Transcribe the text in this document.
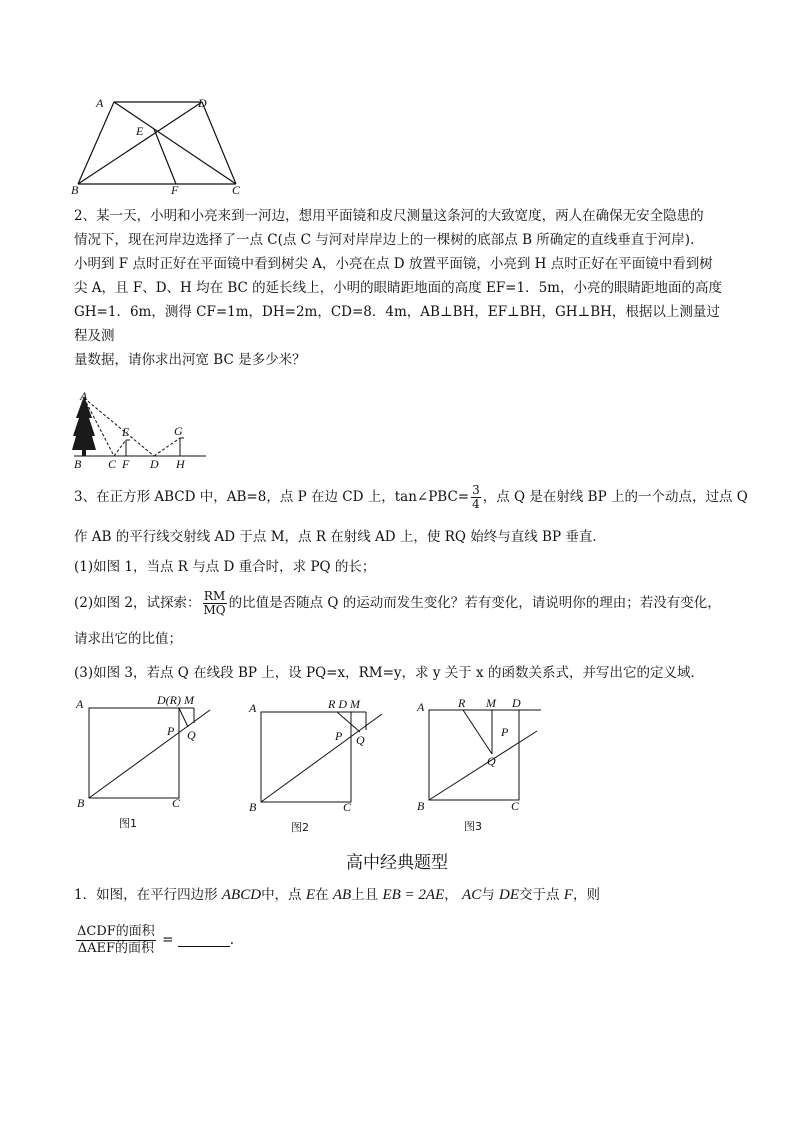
A	D
E
B	F	C
2、某一天，小明和小亮来到一河边，想用平面镜和皮尺测量这条河的大致宽度，两人在确保无安全隐患的
情况下，现在河岸边选择了一点 C(点 C 与河对岸岸边上的一棵树的底部点 B 所确定的直线垂直于河岸).
小明到 F 点时正好在平面镜中看到树尖 A，小亮在点 D 放置平面镜，小亮到 H 点时正好在平面镜中看到树
尖 A，且 F、D、H 均在 BC 的延长线上，小明的眼睛距地面的高度 EF=1．5m，小亮的眼睛距地面的高度
GH=1．6m，测得 CF=1m，DH=2m，CD=8．4m，AB⊥BH，EF⊥BH，GH⊥BH，根据以上测量过程及测
量数据，请你求出河宽 BC 是多少米？
A
E	G
B C F D H
3、在正方形 ABCD 中，AB=8，点 P 在边 CD 上，tan∠PBC= $\frac{3}{4}$ ，点 Q 是在射线 BP 上的一个动点，过点 Q
作 AB 的平行线交射线 AD 于点 M，点 R 在射线 AD 上，使 RQ 始终与直线 BP 垂直．
(1)如图 1，当点 R 与点 D 重合时，求 PQ 的长；
(2)如图 2，试探索： $\frac{RM}{MQ}$ 的比值是否随点 Q 的运动而发生变化？若有变化，请说明你的理由；若没有变化，
请求出它的比值；
(3)如图 3，若点 Q 在线段 BP 上，设 PQ=x，RM=y，求 y 关于 x 的函数关系式，并写出它的定义域．
A	D(R) M
P Q
B	C
图1
A	R D M
P Q
B	C
图2
A	R M D
P
Q
B	C
图3
高中经典题型
1．如图，在平行四边形 ABCD中，点 E在 AB上且 EB = 2AE， AC与 DE交于点 F，则
$\frac{\text{ΔCDF的面积}}{\text{ΔAEF的面积}}$ =	.
